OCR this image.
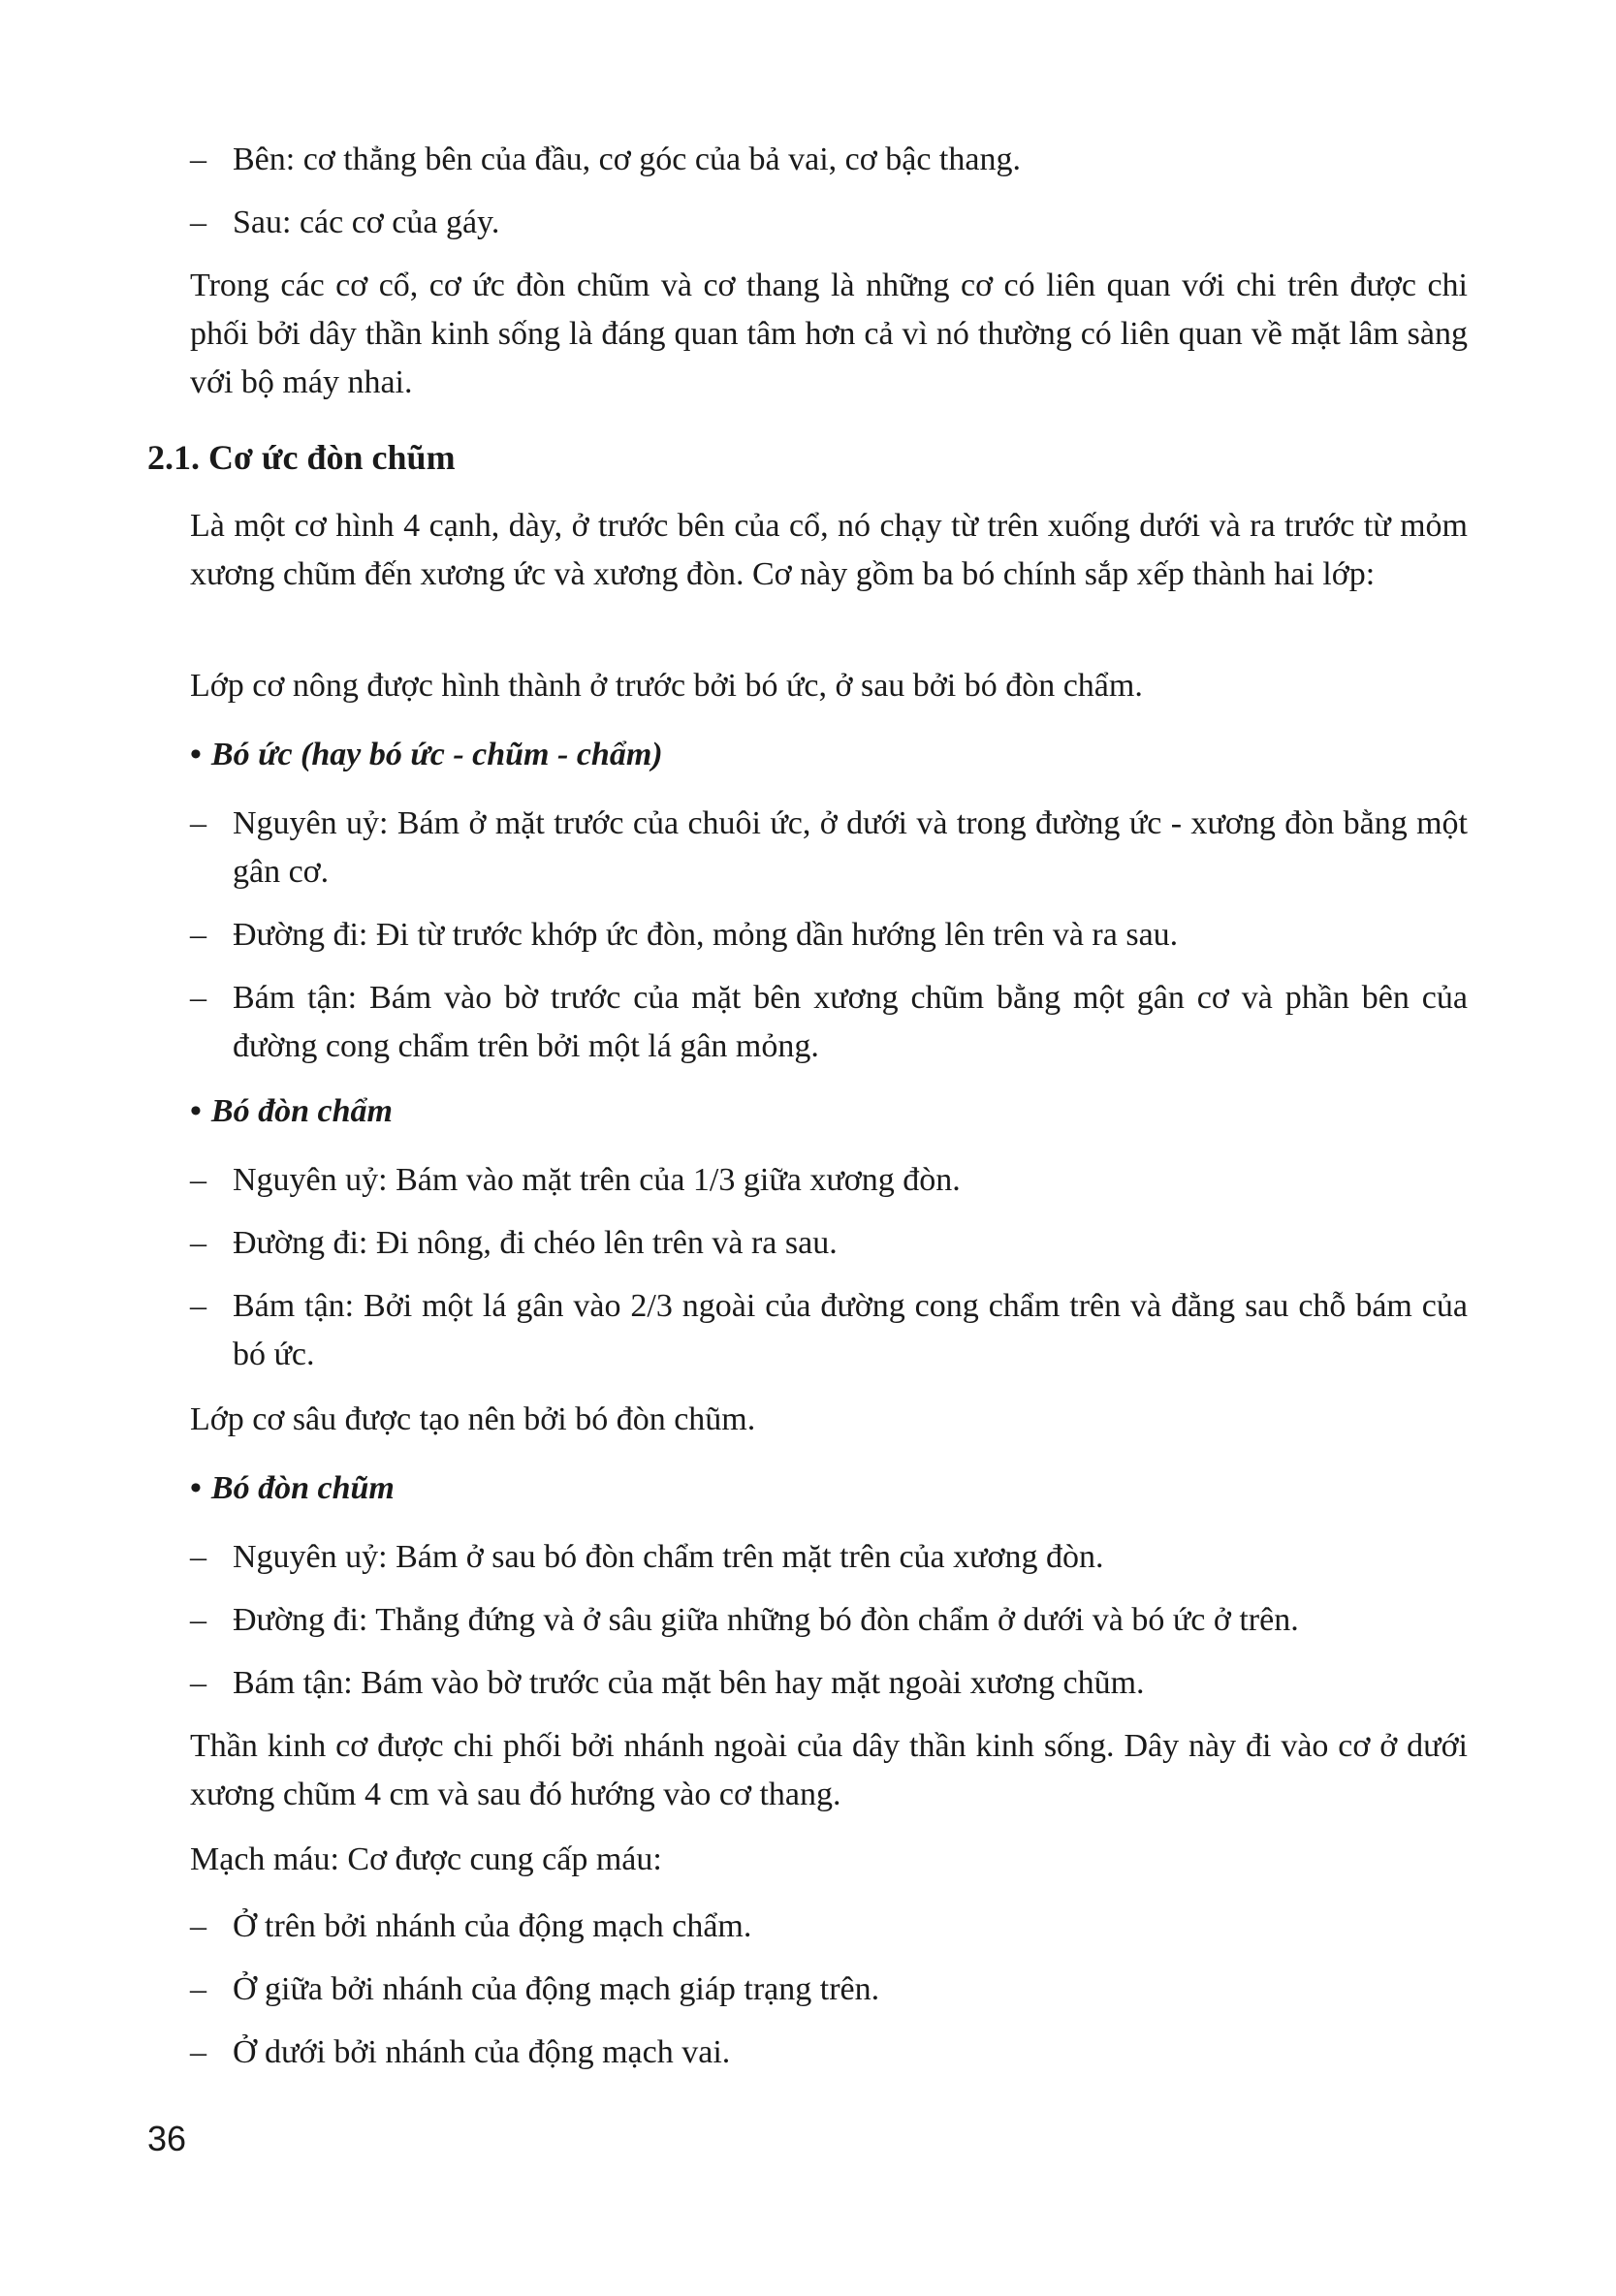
– Bên: cơ thẳng bên của đầu, cơ góc của bả vai, cơ bậc thang.
– Sau: các cơ của gáy.
Trong các cơ cổ, cơ ức đòn chũm và cơ thang là những cơ có liên quan với chi trên được chi phối bởi dây thần kinh sống là đáng quan tâm hơn cả vì nó thường có liên quan về mặt lâm sàng với bộ máy nhai.
2.1. Cơ ức đòn chũm
Là một cơ hình 4 cạnh, dày, ở trước bên của cổ, nó chạy từ trên xuống dưới và ra trước từ mỏm xương chũm đến xương ức và xương đòn. Cơ này gồm ba bó chính sắp xếp thành hai lớp:
Lớp cơ nông được hình thành ở trước bởi bó ức, ở sau bởi bó đòn chẩm.
• Bó ức (hay bó ức - chũm - chẩm)
– Nguyên uỷ: Bám ở mặt trước của chuôi ức, ở dưới và trong đường ức - xương đòn bằng một gân cơ.
– Đường đi: Đi từ trước khớp ức đòn, mỏng dần hướng lên trên và ra sau.
– Bám tận: Bám vào bờ trước của mặt bên xương chũm bằng một gân cơ và phần bên của đường cong chẩm trên bởi một lá gân mỏng.
• Bó đòn chẩm
– Nguyên uỷ: Bám vào mặt trên của 1/3 giữa xương đòn.
– Đường đi: Đi nông, đi chéo lên trên và ra sau.
– Bám tận: Bởi một lá gân vào 2/3 ngoài của đường cong chẩm trên và đằng sau chỗ bám của bó ức.
Lớp cơ sâu được tạo nên bởi bó đòn chũm.
• Bó đòn chũm
– Nguyên uỷ: Bám ở sau bó đòn chẩm trên mặt trên của xương đòn.
– Đường đi: Thẳng đứng và ở sâu giữa những bó đòn chẩm ở dưới và bó ức ở trên.
– Bám tận: Bám vào bờ trước của mặt bên hay mặt ngoài xương chũm.
Thần kinh cơ được chi phối bởi nhánh ngoài của dây thần kinh sống. Dây này đi vào cơ ở dưới xương chũm 4 cm và sau đó hướng vào cơ thang.
Mạch máu: Cơ được cung cấp máu:
– Ở trên bởi nhánh của động mạch chẩm.
– Ở giữa bởi nhánh của động mạch giáp trạng trên.
– Ở dưới bởi nhánh của động mạch vai.
36
